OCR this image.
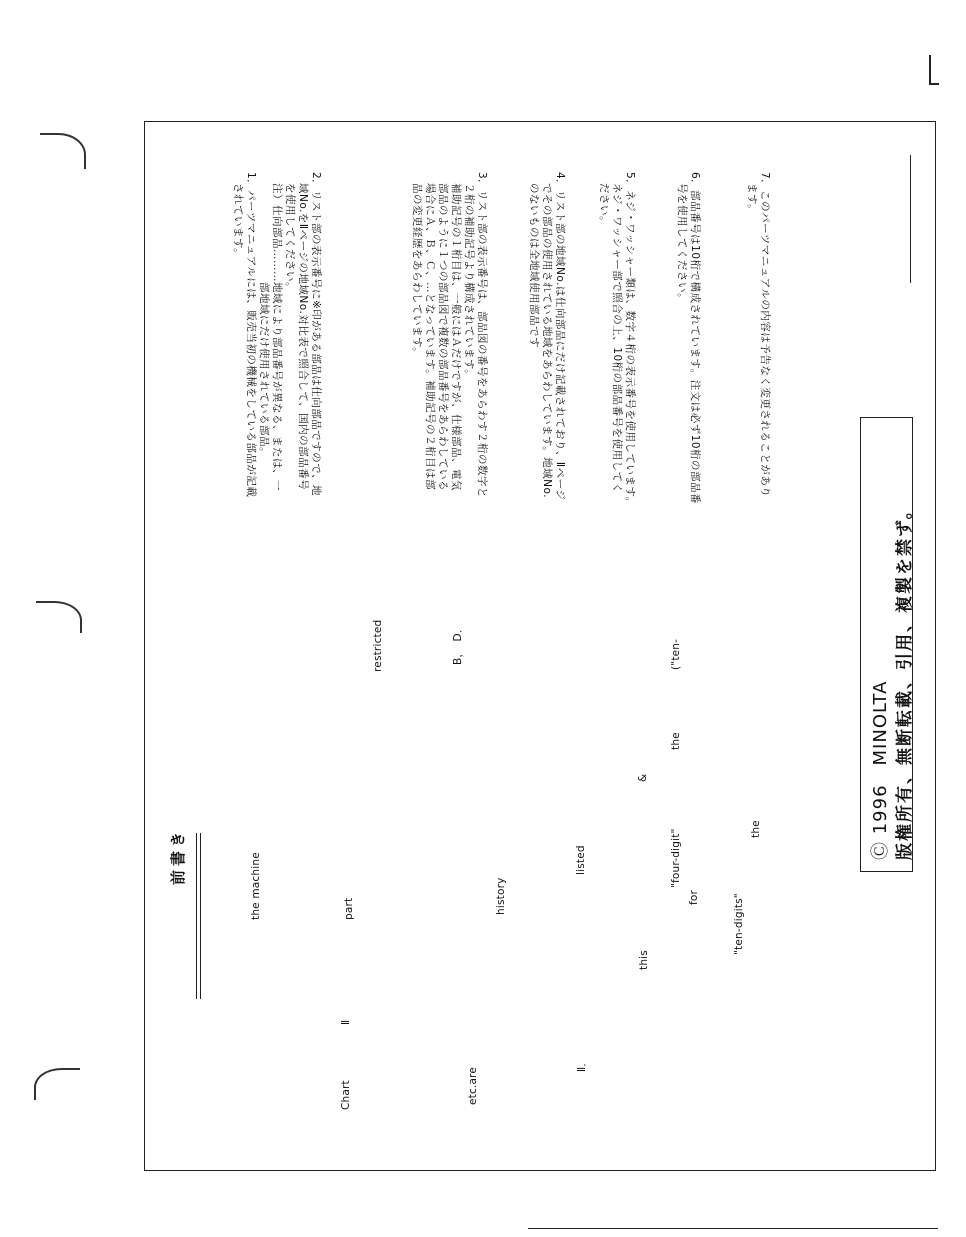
前書き	the machine	part
Chart
Ⅱ
restricted
history
etc.are
B，　D．
listed
Ⅱ．
&
"four-digit"
for
this
the
("ten-
"ten-digits"
the
1．パーツマニュアルには、販売当初の機械をしている部品が記載
　されています。	2．リスト部の表示番号に※印がある部品は仕向部品ですので、地
　域No.をⅡページの地域No.対比表で照合して、国内の部品番号
　を使用してください。
　注）仕向部品………地域により部品番号が異なる、または、一
　　　　　　　　　　部地域にだけ使用されている部品。	3．リスト部の表示番号は、部品図の番号をあらわす２桁の数字と
　２桁の補助記号より構成されています。
　補助記号の１桁目は、一般にはＡだけですが、仕様部品、電気
　部品のように１つの部品図で複数の部品番号をあらわしている
　場合にＡ、Ｂ、Ｃ、…となっています。補助記号の２桁目は部
　品の変更経歴をあらわしています。	4．リスト部の地域No.は仕向部品にだけ記載されており、Ⅱページ
　でその部品の使用されている地域をあらわしています。地域No.
　のないものは全地域使用部品です	5．ネジ・ワッシャー類は、数字４桁の表示番号を使用しています。
　ネジ・ワッシャー部で照合の上、10桁の部品番号を使用してく
　ださい。	6．部品番号は10桁で構成されています。注文は必ず10桁の部品番
　号を使用してください。	7．このパーツマニュアルの内容は予告なく変更されることがあり
　ます。
Ⓒ 1996　MINOLTA 版権所有、無断転載、引用、複製を禁ず。
